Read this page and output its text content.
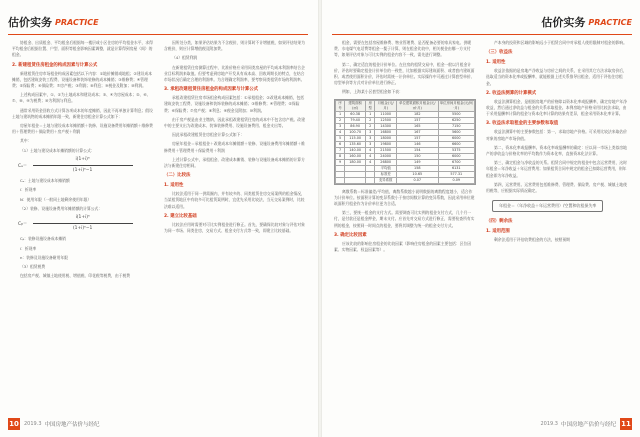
估价实务 PRACTICE	估价实务 PRACTICE

协租金、出质租金、平均租金后根据每一楼层或小区住房的平均租金水平，求得平均租金后根据位置、户型、面积等租金影响因素调整，就是计算得到房屋（间）的租金。

2. 新建租赁住房租金的构成因素与计算公式

新建租赁住房市场租金构成因素包括以下内容：①地价摊销或地租；②建设成本摊销，包括建筑安装工程费、设施设备和装饰装修的成本摊销；③维修费；④管理费；⑤保险费；⑥保险费；⑦房产税；③利润；⑧利息；⑨税金及附加；⑩利润。

上述构成因素中，①、②为土地成本和建设成本；③、④为房屋成本；⑤、⑥、⑦、⑧、⑨为税费；⑩为利润与利息。

通常采用资金回收方式计算各项成本的年度摊销，因此不再单独计算利息；假设土地与建筑物的成本摊销年限一致，新建住房租金计算公式如下：

房屋年租金＝土地与建设成本年摊销额＋装修、设施设备费用年摊销额＋维修费用＋管理费用＋保险费用＋房产税＋利润

其中：

（1）土地与建设成本年摊销额的计算公式：

$C_a= \frac{\text{i(1+i)ⁿ}}{\text{(1+i)ⁿ−1}}$

Cₐ：土地与建设成本年摊销额

i：折现率

N：使用年限（一般同土地剩余使用年限）

（2）装修、设施设备费用年摊销额的计算公式：

Cᵦ＝ $\frac{\text{i(1+i)ⁿ}}{\text{(1+i)ⁿ−1}}$

Cᵦ：装修设施设备成本摊销

i：折现率

n：装修及设施设备耐用年限

（3）租赁税费

包括房产税、城镇土地使用税、增值税、印花税等税费，由于税费

因所处分类，如果评估结果为不含税价，则计算时不计增值税，如果评估结果为含税价，则应计算增值税及附加费。

（4）租赁利润

在新建租赁住房测算过程中，比准价格应采用同类房屋的平均成本利润率结合企业目标利润来取值。但要考虑到房地产开发具有成本高、回收周期长的特点，在结合市场状况后确定合理的利润率。为合理确定利润率，要考察同类租赁市场的利润率。

3. 承租改建租赁住房租金的构成因素与计算公式

承租改建租赁住房市场租金构成因素包括：①承租租金；②改建成本摊销，包括建筑安装工程费、设施设备和装饰装修的成本摊销；③维修费；④管理费；⑤保险费；⑥保险费；⑦房产税；⑧利息；⑨税金及附加；⑩利润。

由于房产税是由业主缴纳，因此承租改建租赁住房的成本中不包含房产税。改建中的主要支出为改建成本、装饰装修费用、设施设备费用、租金支出等。

因此承租改建租赁住房租金计算公式如下：

房屋年租金＝承租租金＋改建成本年摊销额＋装修、设施设备费用年摊销额＋维修费用＋管理费用＋保险费用＋利润

上述计算公式中，承租租金、改建成本摊销、装修与设施设备成本摊销的计算方法与新建住房相同。

（二）比较法
1. 适用性

比较法适用于同一供需圈内，并有较多的、同类租赁住房交易案例的租金情况，当某租赁地区中有较多可比租赁案例时，宜优先采用比较法，当无交易案例时，比较法难以适用。

2. 建立比较基础

比较法应用时需要对可比实例租金进行修正。首先，要确保比较对象与评估对象为同一市场、同类住房，交易方式、租金支付方式等一致，即建立比较基础。

租金，需要在包括房屋维修费、物业管理费、是否配备必要的家具家电、供暖费、水电煤气电话费等租金一揽子计算，则在租金比较中，相关税金由哪一方支付等，如果评估对象与可比实例的租金内容不一致，需先进行调整。

第二，确定适宜的租金计价单位。在住房的租赁交易中，租金一般以月租金计价，评估时要确定租金计价单位的一致性，比如根据实际建筑面积、或者套内建筑面积、或者使用面积计价，评估时需统一计价单位。实际操作中可通过计算套型单价、房型单价等方式对计价单位进行修正。

例如，上海某小区套型租金如下表：

序号	建筑面积(㎡)	房型	月租金(元/月)	单位建筑面积月租金(元/㎡·月)	单位房间月租金(元/间·月)
1	60.38	1	11000	182	5500
2	79.40	2	12500	157	6250
3	86.90	2	14300	165	7150
4	100.70	3	16800	167	5600
5	115.00	3	18000	157	6000
6	135.60	3	19800	146	6600
7	140.00	4	21500	154	5375
8	160.00	4	24000	150	6000
9	180.00	4	26800	149	6700
			平均值	158	6131
			标准差	10.65	577.31
			变异系数	0.07	0.09

离散系数＝标准偏差/平均值，离散系数越小说明数据的离散程度越小，适合作为计价单位。按面积计算的变异系数小于按房间数计算的变异系数，因此采用单位建筑面积月租金作为计价单位更为合适。

第三，要统一租金的支付方式。需要调查可比实例的租金支付方式，几个月一付，是付款还是租金押金，期末支付。应首先对交易方式进行修正，需要检查所有实例的租金，按照同一时间点的租金，要将其调整为统一的租金支付方式。

3. 确定比较因素

应该比较的影响住房租金的比较因素（影响住房租金的因素主要包括：区位因素、实物因素、权益因素等）。

产本身的投资和区域的影响远小于租赁合同中对承租人使用限制对租金的影响。

（三）收益法
1. 适用性

收益法依据的是房地产净收益与房价之间的关系，在采用其它方法求取房价后，选取适当的资本化率或报酬率，就能根据上述关系推导出租金，适用于评估住房租金。

2. 收益法测算的计算模式

收益法测算租金，是根据房地产的价格除以资本化率或报酬率，确定房地产年净收益，然后通过净收益与租金的关系求取租金。本例房地产价格采用比较法求取，由于采用报酬率计算的租金与资本化率计算的结果有差异，租金采用资本化率计算。

3. 收益法求取租金的主要参数和取值

收益法测算中的主要参数包括：第一，求取房地产价格。可采用比较法来取估价对象的房地产市场价值。

第二，资本化率或报酬率。资本化率或报酬率的确定：应以同一市场上类似房地产的净收益与价格比率的平均数作为资本化率，直接资本化法计算。

第三，确定租金与净收益的关系。租赁合同中规定的租金中包含运营费用，这时年租金＝年净收益＋年运营费用；如果租赁合同中规定的租金已扣除运营费用，则年租金即为年净收益。

第四，运营费用。运营费用包括维修费、管理费、保险费、房产税、城镇土地使用税等，应根据实际情况确定。

年租金＝（年净收益＋年运营费用）/空置和收租损失率
（四）剩余法
1. 适用范围

剩余法适用于评估收费租金的方法，按照预期

10 2019.3 中国房地产估价与经纪	2019.3 中国房地产估价与经纪 11
